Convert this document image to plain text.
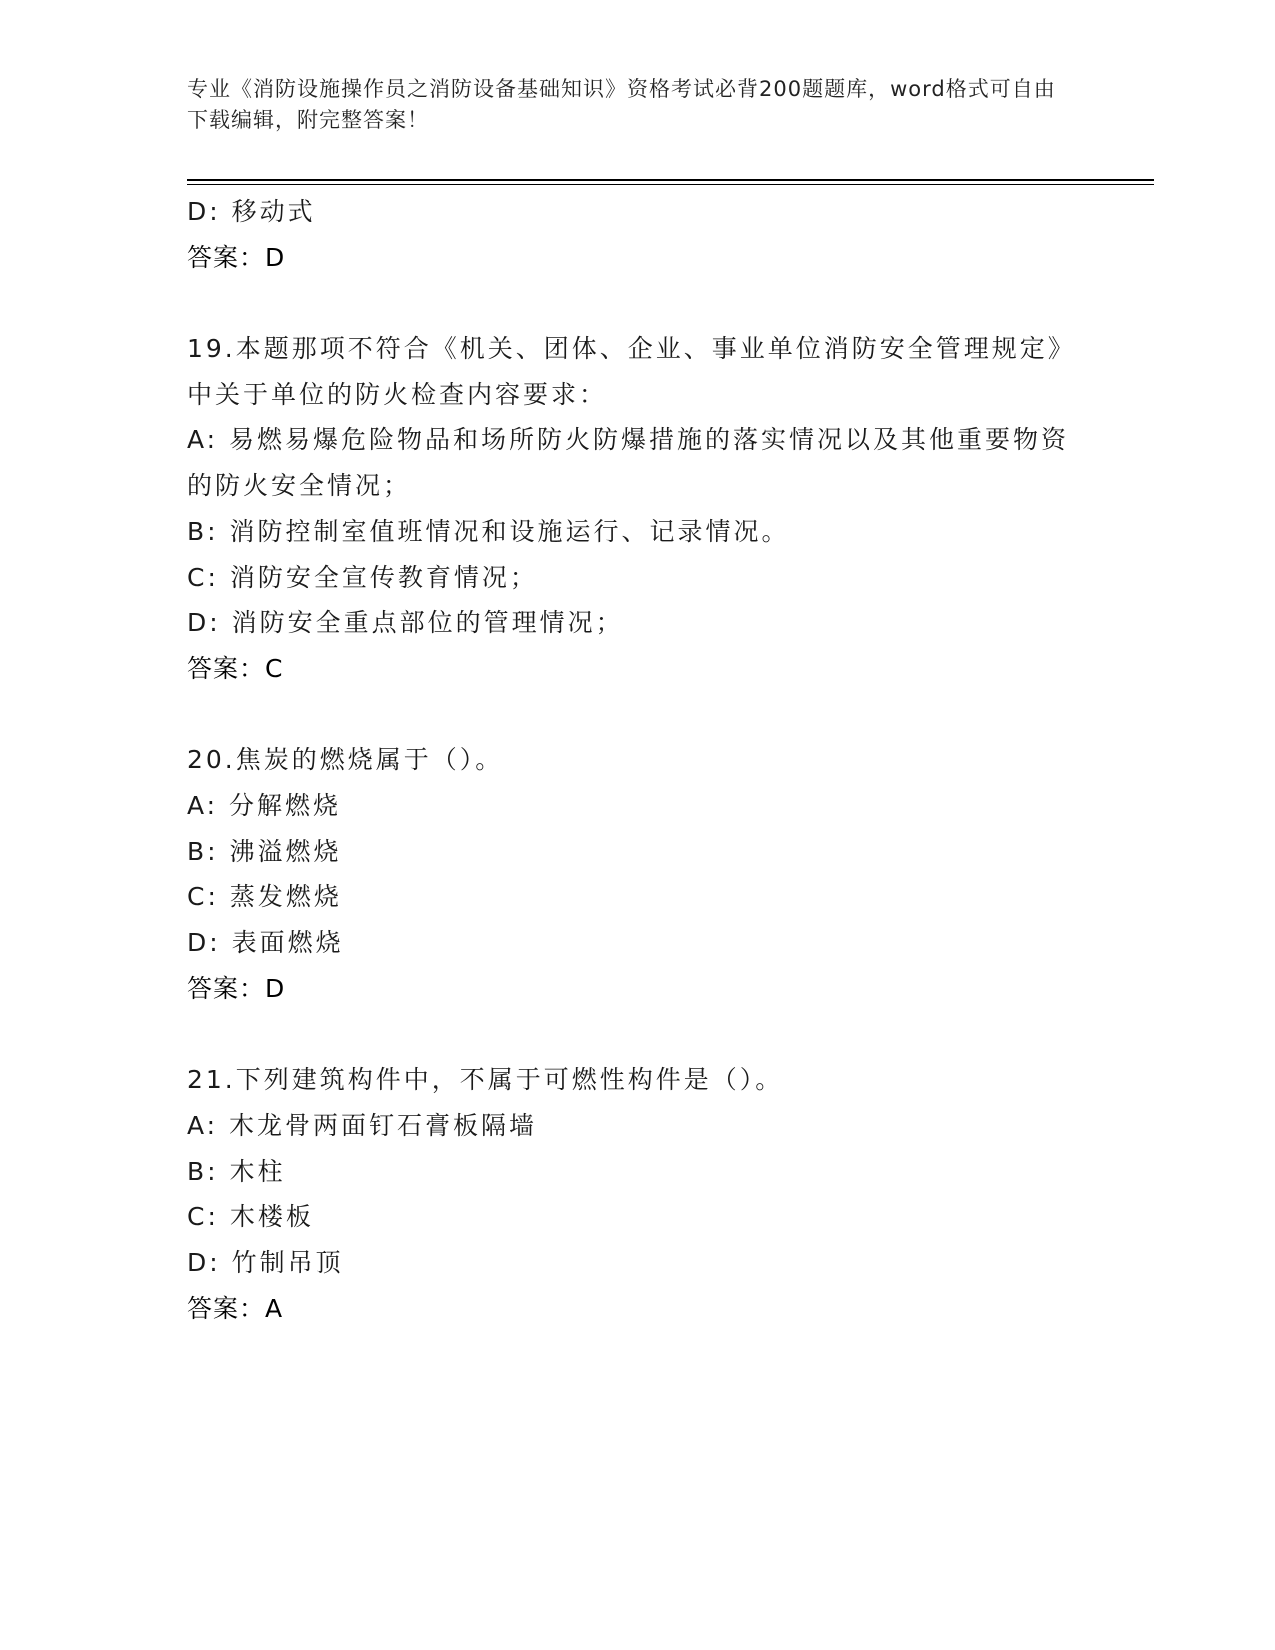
专业《消防设施操作员之消防设备基础知识》资格考试必背200题题库，word格式可自由下载编辑，附完整答案！
D: 移动式
答案：D
19.本题那项不符合《机关、团体、企业、事业单位消防安全管理规定》中关于单位的防火检查内容要求：
A: 易燃易爆危险物品和场所防火防爆措施的落实情况以及其他重要物资的防火安全情况；
B: 消防控制室值班情况和设施运行、记录情况。
C: 消防安全宣传教育情况；
D: 消防安全重点部位的管理情况；
答案：C
20.焦炭的燃烧属于（）。
A: 分解燃烧
B: 沸溢燃烧
C: 蒸发燃烧
D: 表面燃烧
答案：D
21.下列建筑构件中，不属于可燃性构件是（）。
A: 木龙骨两面钉石膏板隔墙
B: 木柱
C: 木楼板
D: 竹制吊顶
答案：A
